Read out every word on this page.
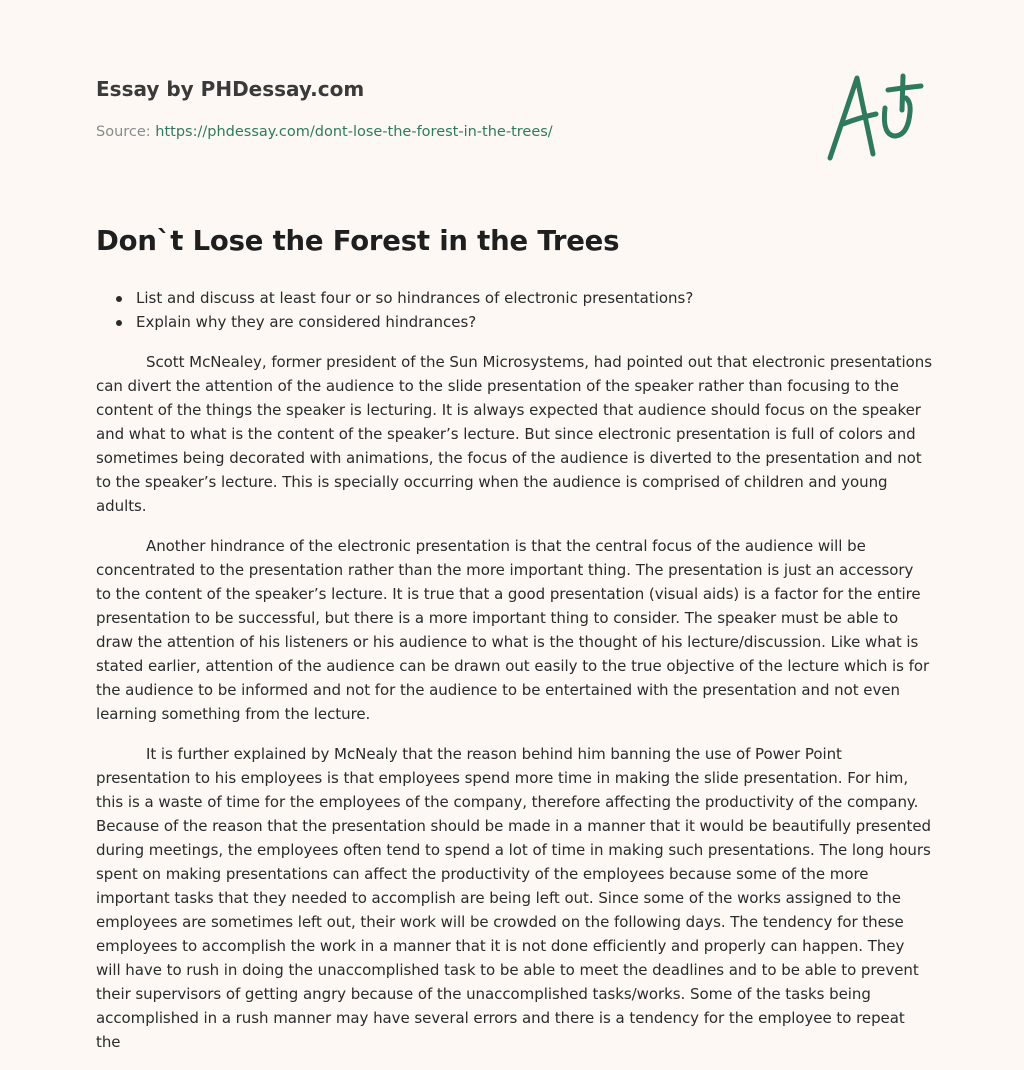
Essay by PHDessay.com
Source: https://phdessay.com/dont-lose-the-forest-in-the-trees/
Don`t Lose the Forest in the Trees
List and discuss at least four or so hindrances of electronic presentations?
Explain why they are considered hindrances?

Scott McNealey, former president of the Sun Microsystems, had pointed out that electronic presentations can divert the attention of the audience to the slide presentation of the speaker rather than focusing to the content of the things the speaker is lecturing. It is always expected that audience should focus on the speaker and what to what is the content of the speaker’s lecture. But since electronic presentation is full of colors and sometimes being decorated with animations, the focus of the audience is diverted to the presentation and not to the speaker’s lecture. This is specially occurring when the audience is comprised of children and young adults.

Another hindrance of the electronic presentation is that the central focus of the audience will be concentrated to the presentation rather than the more important thing. The presentation is just an accessory to the content of the speaker’s lecture. It is true that a good presentation (visual aids) is a factor for the entire presentation to be successful, but there is a more important thing to consider. The speaker must be able to draw the attention of his listeners or his audience to what is the thought of his lecture/discussion. Like what is stated earlier, attention of the audience can be drawn out easily to the true objective of the lecture which is for the audience to be informed and not for the audience to be entertained with the presentation and not even learning something from the lecture.

It is further explained by McNealy that the reason behind him banning the use of Power Point presentation to his employees is that employees spend more time in making the slide presentation. For him, this is a waste of time for the employees of the company, therefore affecting the productivity of the company. Because of the reason that the presentation should be made in a manner that it would be beautifully presented during meetings, the employees often tend to spend a lot of time in making such presentations. The long hours spent on making presentations can affect the productivity of the employees because some of the more important tasks that they needed to accomplish are being left out. Since some of the works assigned to the employees are sometimes left out, their work will be crowded on the following days. The tendency for these employees to accomplish the work in a manner that it is not done efficiently and properly can happen. They will have to rush in doing the unaccomplished task to be able to meet the deadlines and to be able to prevent their supervisors of getting angry because of the unaccomplished tasks/works. Some of the tasks being accomplished in a rush manner may have several errors and there is a tendency for the employee to repeat the
